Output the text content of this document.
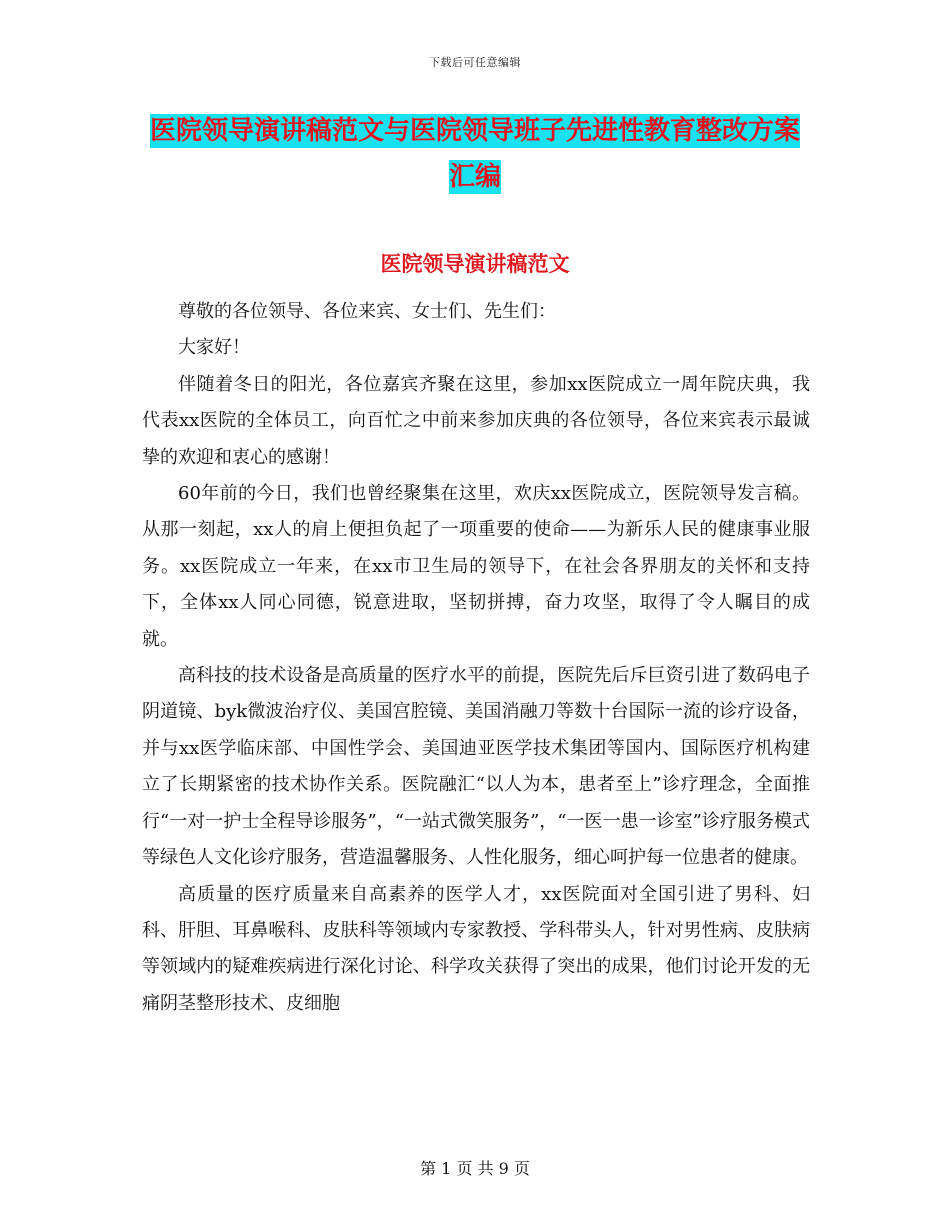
下载后可任意编辑
医院领导演讲稿范文与医院领导班子先进性教育整改方案汇编
医院领导演讲稿范文

尊敬的各位领导、各位来宾、女士们、先生们：

大家好！

伴随着冬日的阳光，各位嘉宾齐聚在这里，参加xx医院成立一周年院庆典，我代表xx医院的全体员工，向百忙之中前来参加庆典的各位领导，各位来宾表示最诚挚的欢迎和衷心的感谢！

60年前的今日，我们也曾经聚集在这里，欢庆xx医院成立，医院领导发言稿。从那一刻起，xx人的肩上便担负起了一项重要的使命——为新乐人民的健康事业服务。xx医院成立一年来，在xx市卫生局的领导下，在社会各界朋友的关怀和支持下，全体xx人同心同德，锐意进取，坚韧拼搏，奋力攻坚，取得了令人瞩目的成就。

高科技的技术设备是高质量的医疗水平的前提，医院先后斥巨资引进了数码电子阴道镜、byk微波治疗仪、美国宫腔镜、美国消融刀等数十台国际一流的诊疗设备，并与xx医学临床部、中国性学会、美国迪亚医学技术集团等国内、国际医疗机构建立了长期紧密的技术协作关系。医院融汇“以人为本，患者至上”诊疗理念，全面推行“一对一护士全程导诊服务”，“一站式微笑服务”，“一医一患一诊室”诊疗服务模式等绿色人文化诊疗服务，营造温馨服务、人性化服务，细心呵护每一位患者的健康。

高质量的医疗质量来自高素养的医学人才，xx医院面对全国引进了男科、妇科、肝胆、耳鼻喉科、皮肤科等领域内专家教授、学科带头人，针对男性病、皮肤病等领域内的疑难疾病进行深化讨论、科学攻关获得了突出的成果，他们讨论开发的无痛阴茎整形技术、皮细胞

第 1 页 共 9 页
